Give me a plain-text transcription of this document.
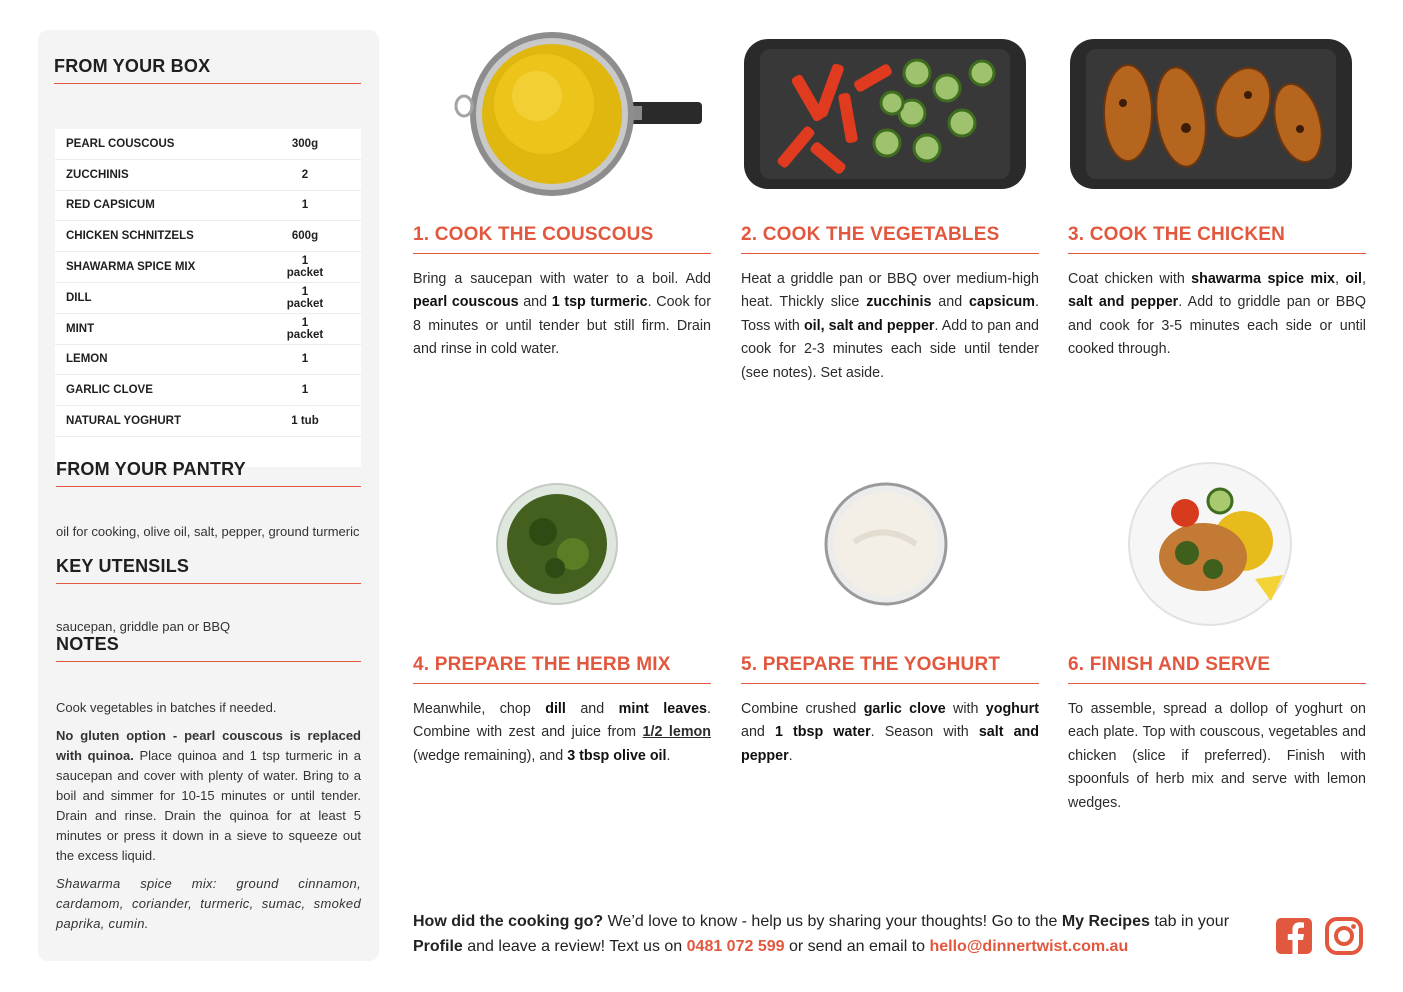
FROM YOUR BOX
PEARL COUSCOUS	300g
ZUCCHINIS	2
RED CAPSICUM	1
CHICKEN SCHNITZELS	600g
SHAWARMA SPICE MIX	1 packet
DILL	1 packet
MINT	1 packet
LEMON	1
GARLIC CLOVE	1
NATURAL YOGHURT	1 tub
FROM YOUR PANTRY
oil for cooking, olive oil, salt, pepper, ground turmeric
KEY UTENSILS
saucepan, griddle pan or BBQ
NOTES

Cook vegetables in batches if needed.

No gluten option - pearl couscous is replaced with quinoa. Place quinoa and 1 tsp turmeric in a saucepan and cover with plenty of water. Bring to a boil and simmer for 10-15 minutes or until tender. Drain and rinse. Drain the quinoa for at least 5 minutes or press it down in a sieve to squeeze out the excess liquid.

Shawarma spice mix: ground cinnamon, cardamom, coriander, turmeric, sumac, smoked paprika, cumin.

1. COOK THE COUSCOUS
Bring a saucepan with water to a boil. Add pearl couscous and 1 tsp turmeric. Cook for 8 minutes or until tender but still firm. Drain and rinse in cold water.
2. COOK THE VEGETABLES
Heat a griddle pan or BBQ over medium-high heat. Thickly slice zucchinis and capsicum. Toss with oil, salt and pepper. Add to pan and cook for 2-3 minutes each side until tender (see notes). Set aside.
3. COOK THE CHICKEN
Coat chicken with shawarma spice mix, oil, salt and pepper. Add to griddle pan or BBQ and cook for 3-5 minutes each side or until cooked through.
4. PREPARE THE HERB MIX
Meanwhile, chop dill and mint leaves. Combine with zest and juice from 1/2 lemon (wedge remaining), and 3 tbsp olive oil.
5. PREPARE THE YOGHURT
Combine crushed garlic clove with yoghurt and 1 tbsp water. Season with salt and pepper.
6. FINISH AND SERVE
To assemble, spread a dollop of yoghurt on each plate. Top with couscous, vegetables and chicken (slice if preferred). Finish with spoonfuls of herb mix and serve with lemon wedges.
How did the cooking go? We’d love to know - help us by sharing your thoughts! Go to the My Recipes tab in your Profile and leave a review! Text us on 0481 072 599 or send an email to hello@dinnertwist.com.au
